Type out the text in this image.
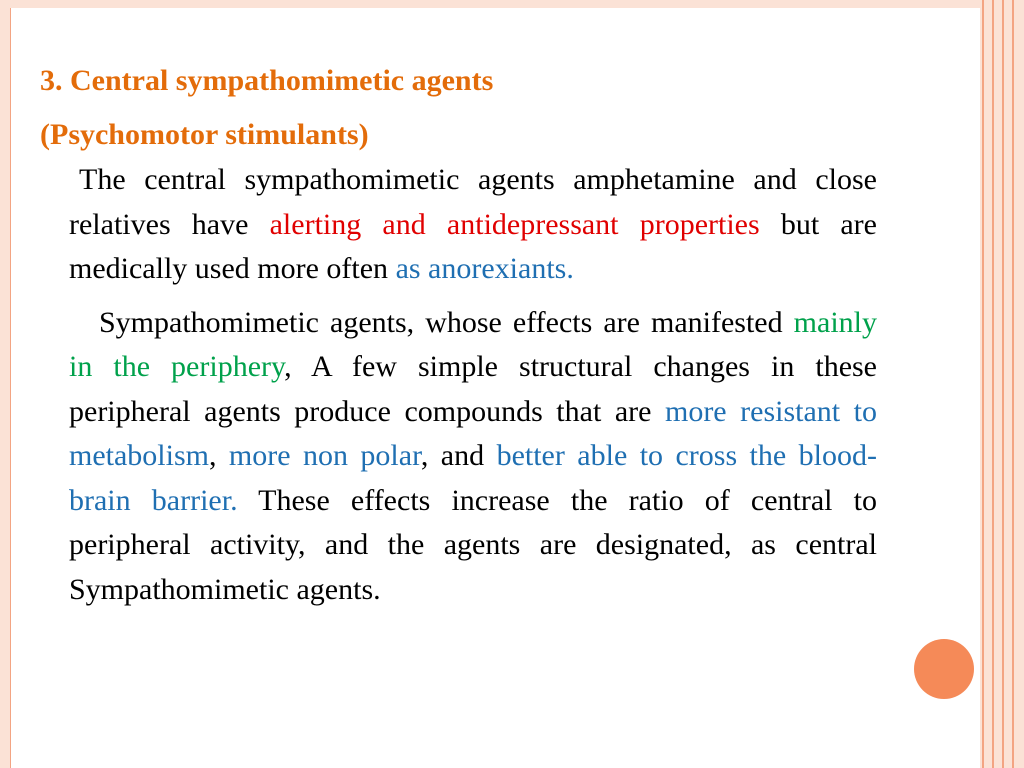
3. Central sympathomimetic agents
(Psychomotor stimulants)

The central sympathomimetic agents amphetamine and close relatives have alerting and antidepressant properties but are medically used more often as anorexiants.

Sympathomimetic agents, whose effects are manifested mainly in the periphery, A few simple structural changes in these peripheral agents produce compounds that are more resistant to metabolism, more non polar, and better able to cross the blood-brain barrier. These effects increase the ratio of central to peripheral activity, and the agents are designated, as central Sympathomimetic agents.
